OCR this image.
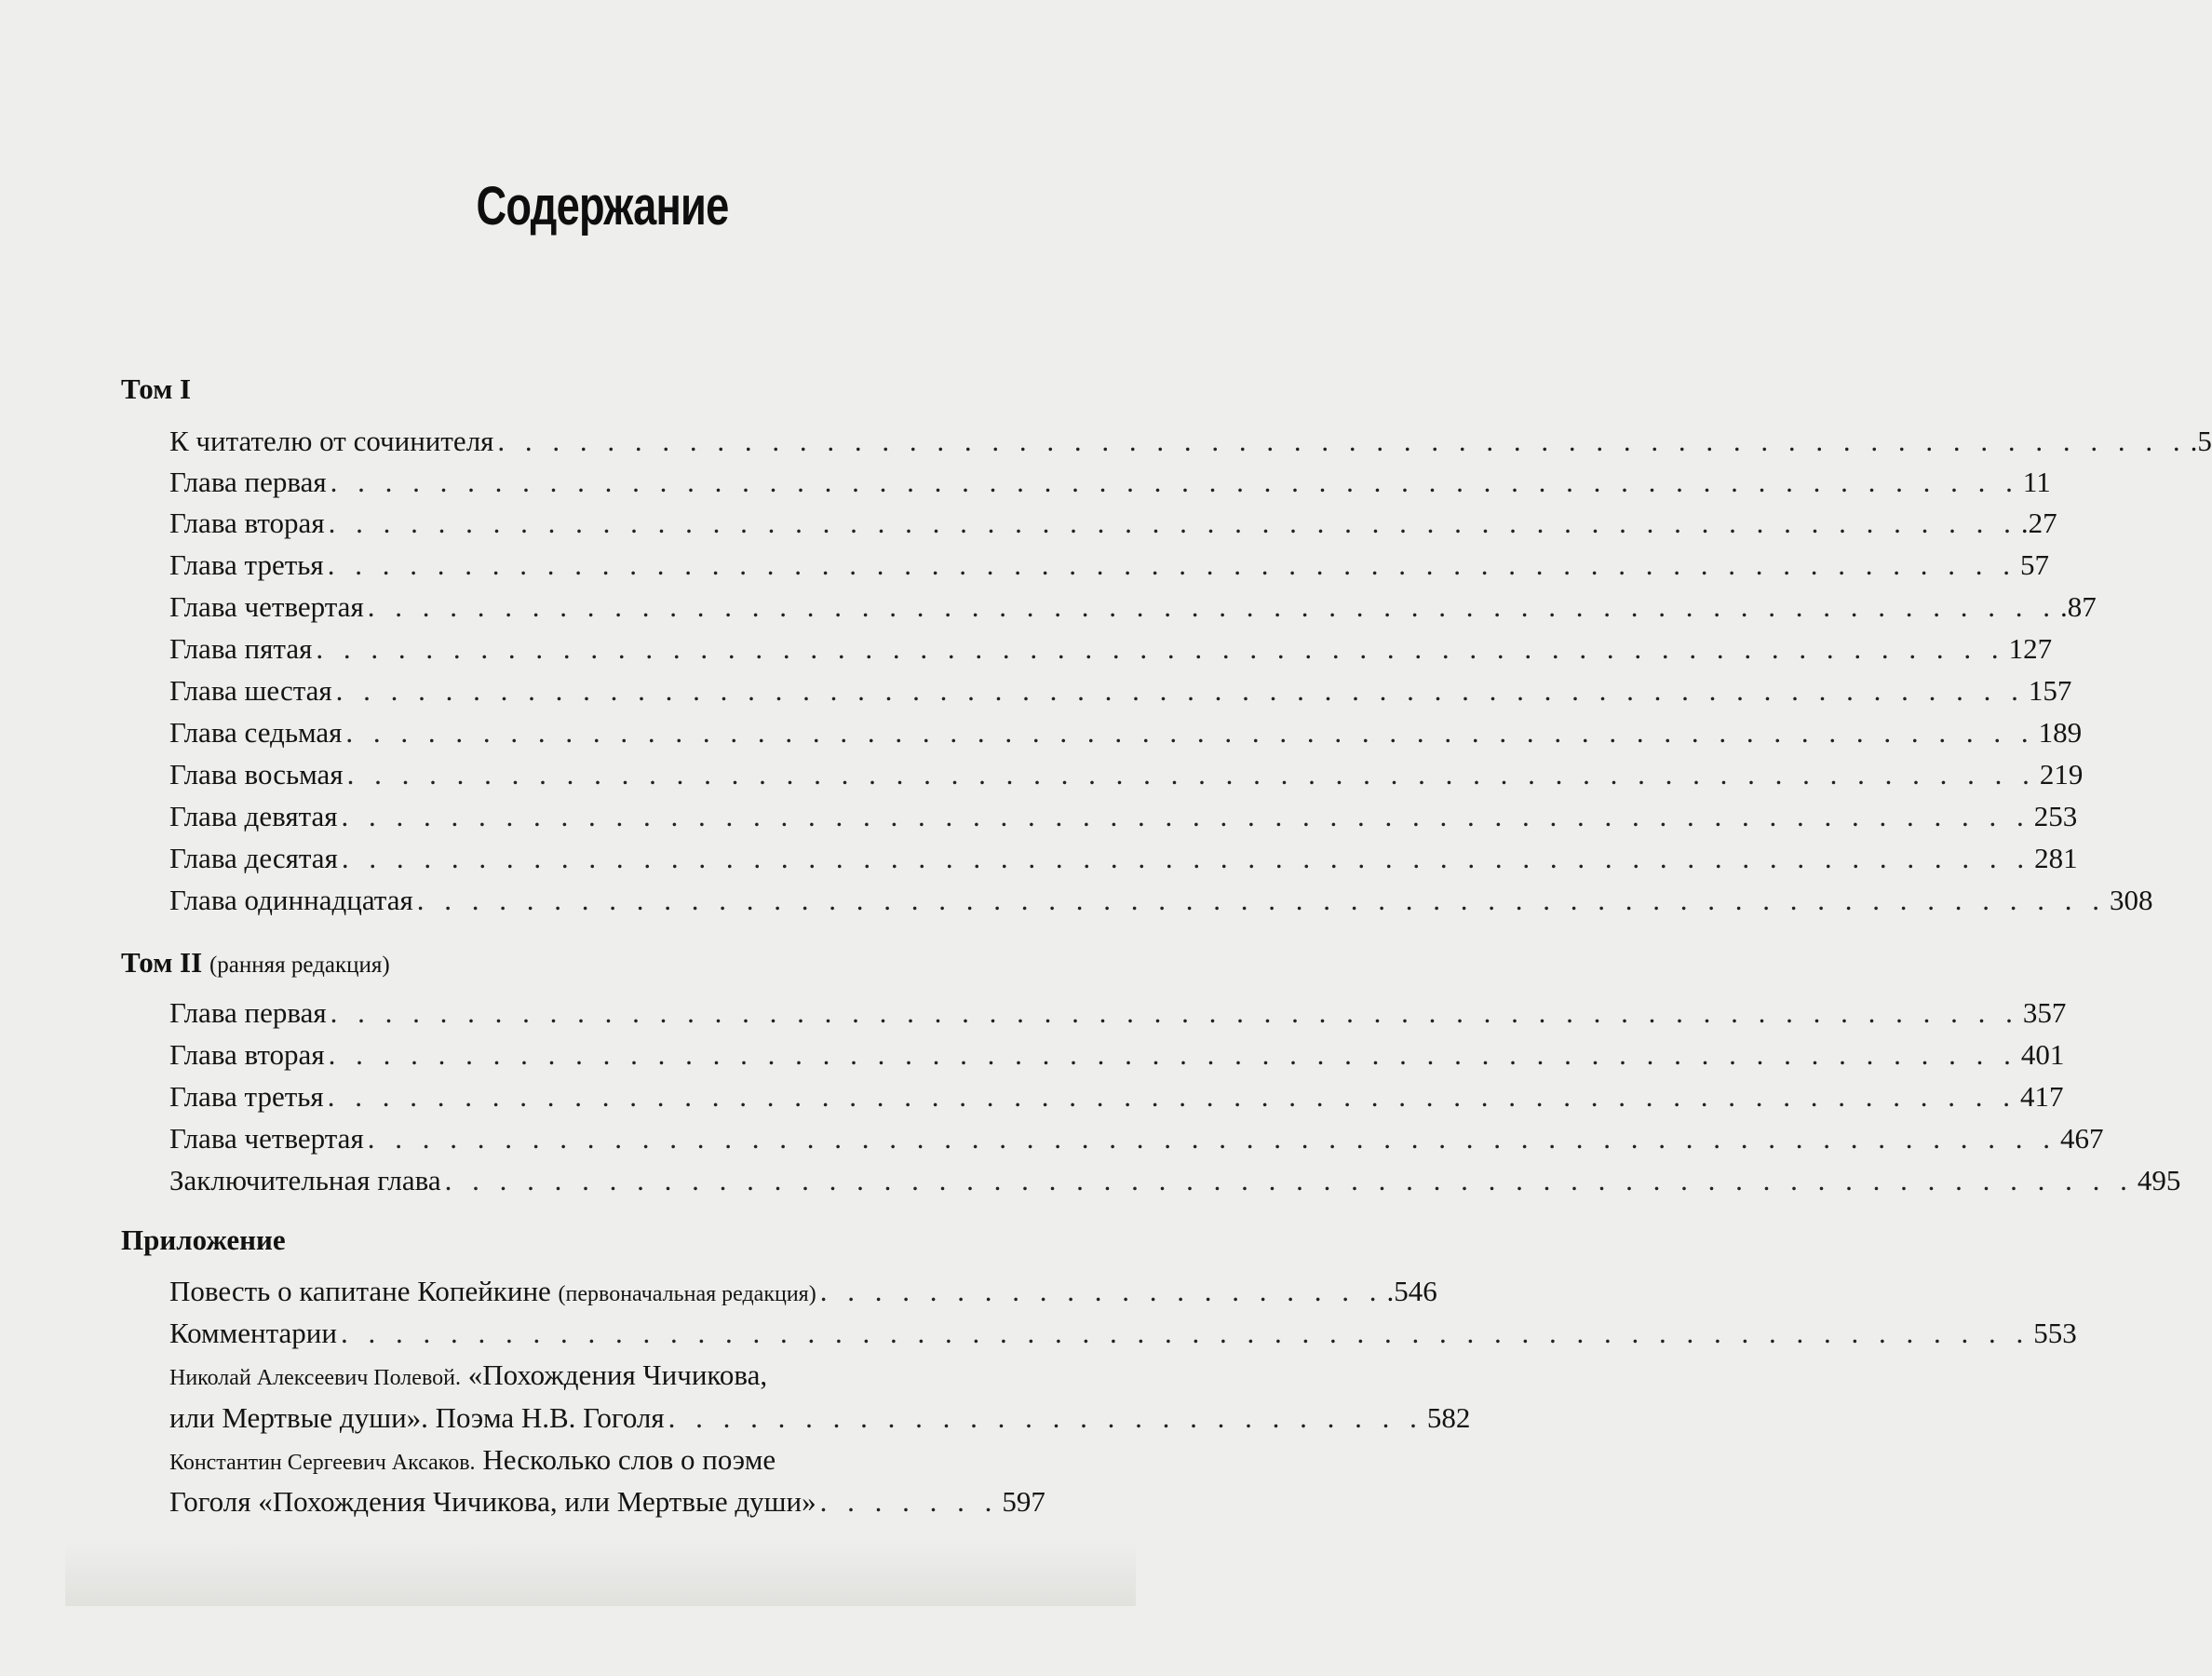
Содержание
Том I
К читателю от сочинителя . . . . . . . . . . . . . . . . . . . . . . . . . . . . . . . . . . . . . . . . . . . . . . . . . . . . . . . . . . . . . . .5
Глава первая . . . . . . . . . . . . . . . . . . . . . . . . . . . . . . . . . . . . . . . . . . . . . . . . . . . . . . . . . . . . . . 11
Глава вторая . . . . . . . . . . . . . . . . . . . . . . . . . . . . . . . . . . . . . . . . . . . . . . . . . . . . . . . . . . . . . . .27
Глава третья . . . . . . . . . . . . . . . . . . . . . . . . . . . . . . . . . . . . . . . . . . . . . . . . . . . . . . . . . . . . . . 57
Глава четвертая . . . . . . . . . . . . . . . . . . . . . . . . . . . . . . . . . . . . . . . . . . . . . . . . . . . . . . . . . . . . . . .87
Глава пятая . . . . . . . . . . . . . . . . . . . . . . . . . . . . . . . . . . . . . . . . . . . . . . . . . . . . . . . . . . . . . . 127
Глава шестая . . . . . . . . . . . . . . . . . . . . . . . . . . . . . . . . . . . . . . . . . . . . . . . . . . . . . . . . . . . . . . 157
Глава седьмая . . . . . . . . . . . . . . . . . . . . . . . . . . . . . . . . . . . . . . . . . . . . . . . . . . . . . . . . . . . . . . 189
Глава восьмая . . . . . . . . . . . . . . . . . . . . . . . . . . . . . . . . . . . . . . . . . . . . . . . . . . . . . . . . . . . . . . 219
Глава девятая . . . . . . . . . . . . . . . . . . . . . . . . . . . . . . . . . . . . . . . . . . . . . . . . . . . . . . . . . . . . . . 253
Глава десятая . . . . . . . . . . . . . . . . . . . . . . . . . . . . . . . . . . . . . . . . . . . . . . . . . . . . . . . . . . . . . . 281
Глава одиннадцатая . . . . . . . . . . . . . . . . . . . . . . . . . . . . . . . . . . . . . . . . . . . . . . . . . . . . . . . . . . . . . . 308
Том II (ранняя редакция)
Глава первая . . . . . . . . . . . . . . . . . . . . . . . . . . . . . . . . . . . . . . . . . . . . . . . . . . . . . . . . . . . . . . 357
Глава вторая . . . . . . . . . . . . . . . . . . . . . . . . . . . . . . . . . . . . . . . . . . . . . . . . . . . . . . . . . . . . . . 401
Глава третья . . . . . . . . . . . . . . . . . . . . . . . . . . . . . . . . . . . . . . . . . . . . . . . . . . . . . . . . . . . . . . 417
Глава четвертая . . . . . . . . . . . . . . . . . . . . . . . . . . . . . . . . . . . . . . . . . . . . . . . . . . . . . . . . . . . . . . 467
Заключительная глава . . . . . . . . . . . . . . . . . . . . . . . . . . . . . . . . . . . . . . . . . . . . . . . . . . . . . . . . . . . . . . 495
Приложение
Повесть о капитане Копейкине (первоначальная редакция) . . . . . . . . . . . . . . . . . . . . . .546
Комментарии . . . . . . . . . . . . . . . . . . . . . . . . . . . . . . . . . . . . . . . . . . . . . . . . . . . . . . . . . . . . . . 553
Николай Алексеевич Полевой. «Похождения Чичикова,
или Мертвые души». Поэма Н.В. Гоголя . . . . . . . . . . . . . . . . . . . . . . . . . . . . 582
Константин Сергеевич Аксаков. Несколько слов о поэме
Гоголя «Похождения Чичикова, или Мертвые души» . . . . . . . 597
